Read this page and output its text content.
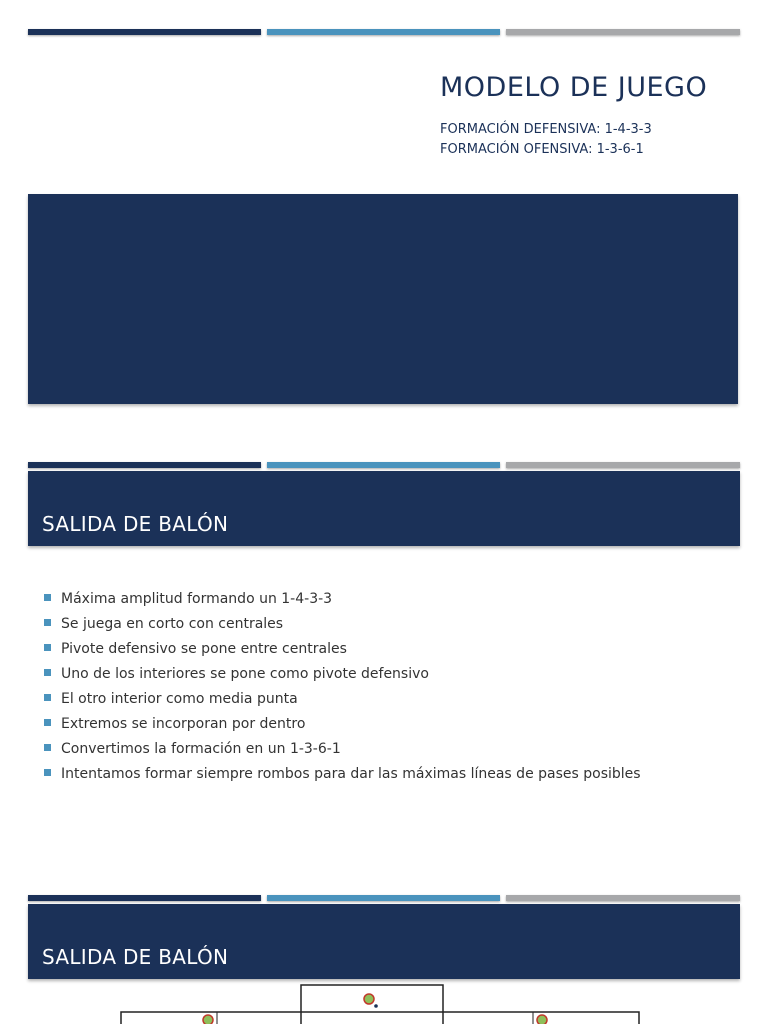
MODELO DE JUEGO
FORMACIÓN DEFENSIVA: 1-4-3-3
FORMACIÓN OFENSIVA: 1-3-6-1
SALIDA DE BALÓN
Máxima amplitud formando un 1-4-3-3
Se juega en corto con centrales
Pivote defensivo se pone entre centrales
Uno de los interiores se pone como pivote defensivo
El otro interior como media punta
Extremos se incorporan por dentro
Convertimos la formación en un 1-3-6-1
Intentamos formar siempre rombos para dar las máximas líneas de pases posibles
SALIDA DE BALÓN
